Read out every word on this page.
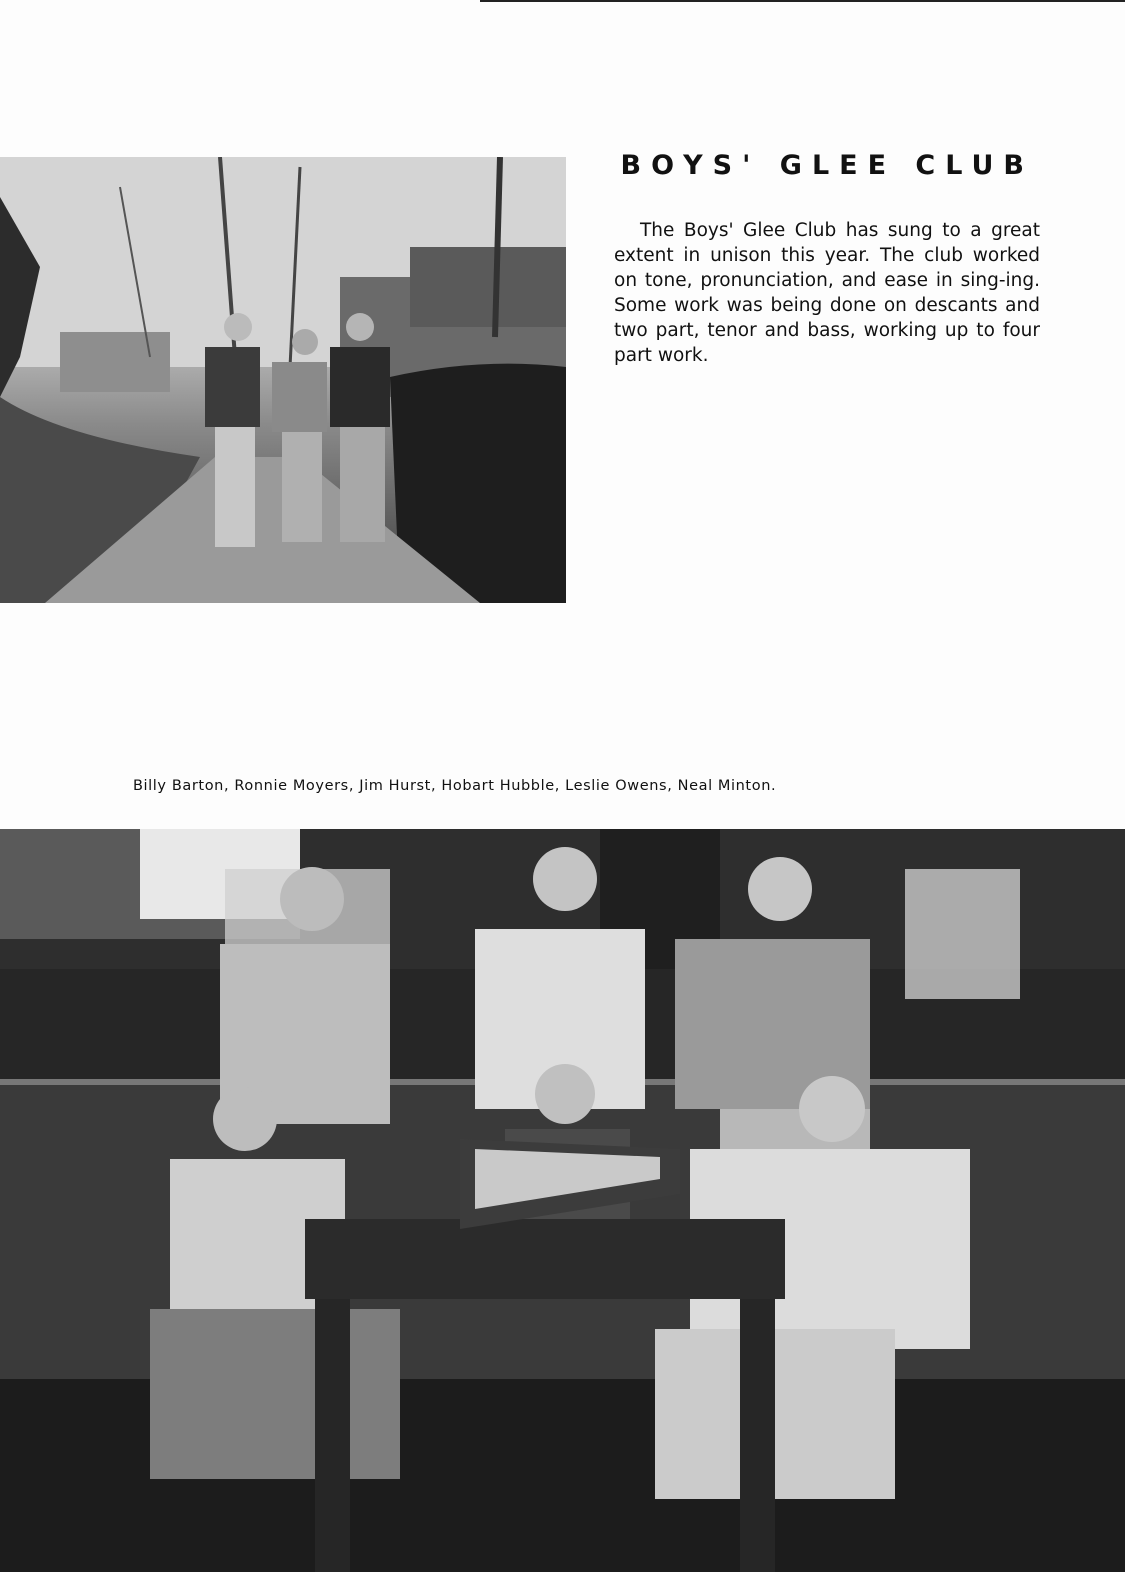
BOYS' GLEE CLUB
The Boys' Glee Club has sung to a great extent in unison this year. The club worked on tone, pronunciation, and ease in sing-ing. Some work was being done on descants and two part, tenor and bass, working up to four part work.
Billy Barton, Ronnie Moyers, Jim Hurst, Hobart Hubble, Leslie Owens, Neal Minton.
